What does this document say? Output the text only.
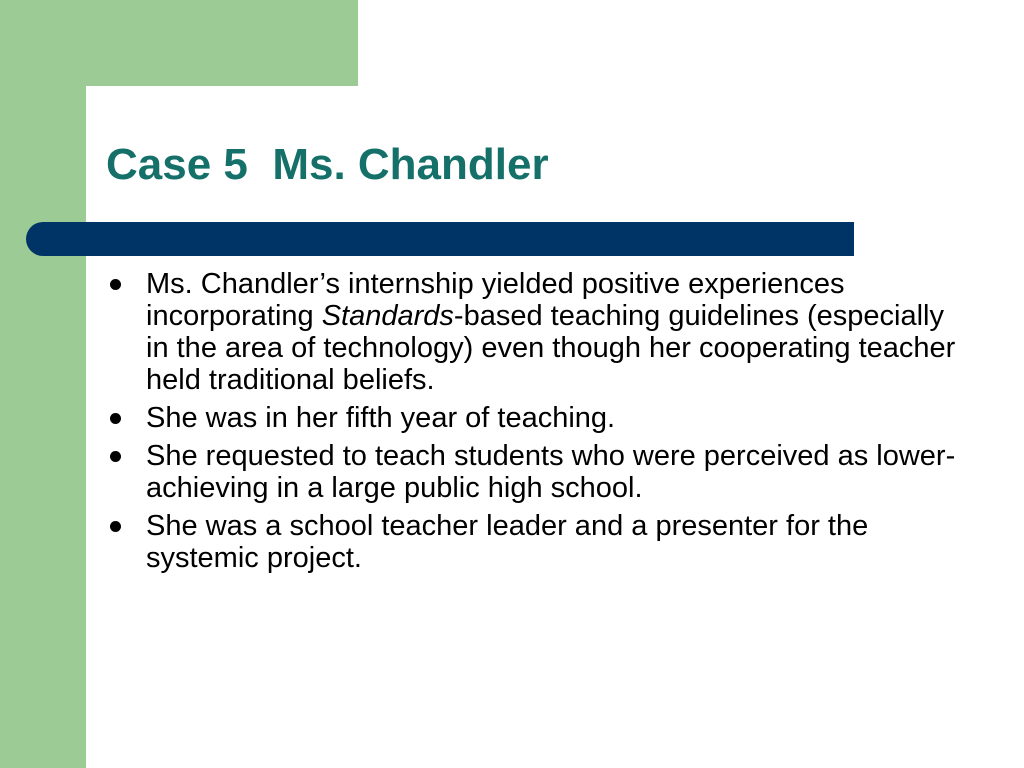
Case 5  Ms. Chandler
Ms. Chandler’s internship yielded positive experiences incorporating Standards-based teaching guidelines (especially in the area of technology) even though her cooperating teacher held traditional beliefs.
She was in her fifth year of teaching.
She requested to teach students who were perceived as lower-achieving in a large public high school.
She was a school teacher leader and a presenter for the systemic project.
